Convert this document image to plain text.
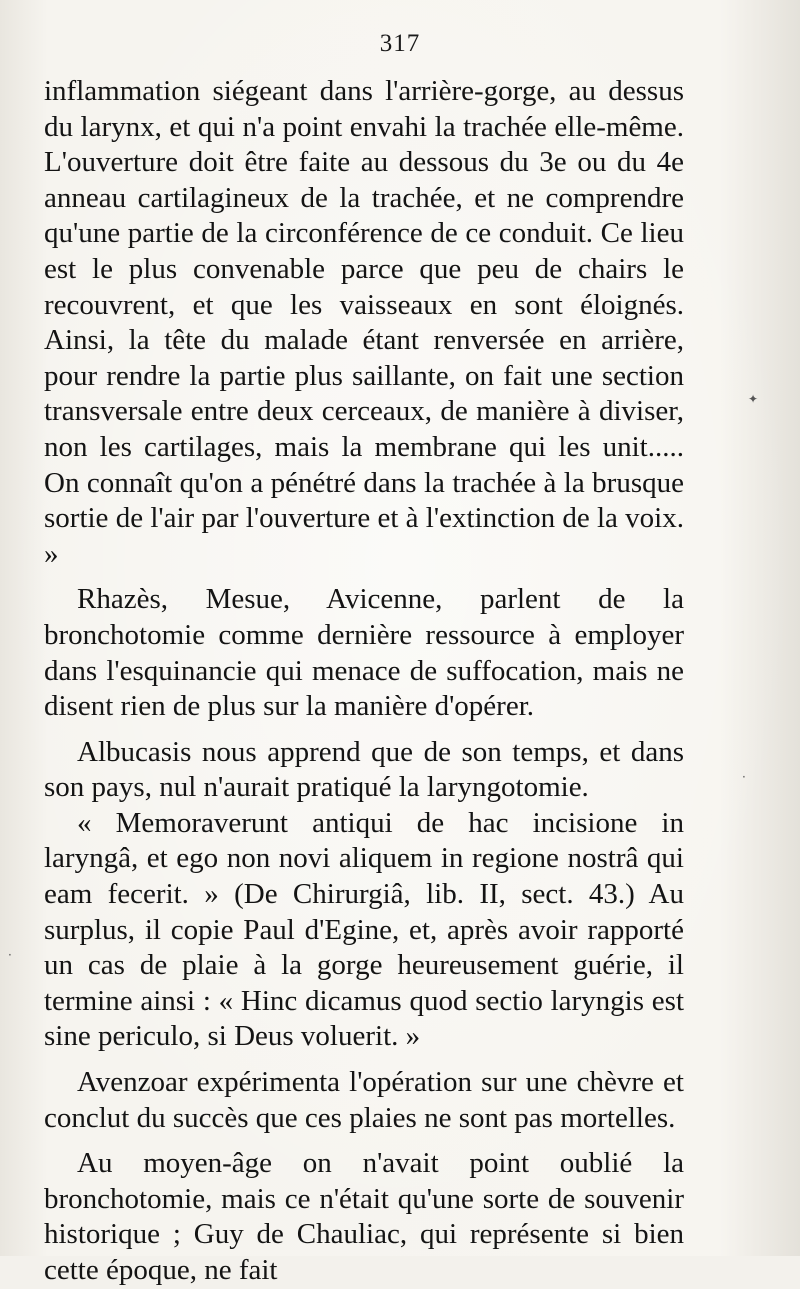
317

inflammation siégeant dans l'arrière-gorge, au dessus du larynx, et qui n'a point envahi la trachée elle-même. L'ouverture doit être faite au dessous du 3e ou du 4e anneau cartilagineux de la trachée, et ne comprendre qu'une partie de la circonférence de ce conduit. Ce lieu est le plus convenable parce que peu de chairs le recouvrent, et que les vaisseaux en sont éloignés. Ainsi, la tête du malade étant renversée en arrière, pour rendre la partie plus saillante, on fait une section transversale entre deux cerceaux, de manière à diviser, non les cartilages, mais la membrane qui les unit..... On connaît qu'on a pénétré dans la trachée à la brusque sortie de l'air par l'ouverture et à l'extinction de la voix. »

Rhazès, Mesue, Avicenne, parlent de la bronchotomie comme dernière ressource à employer dans l'esquinancie qui menace de suffocation, mais ne disent rien de plus sur la manière d'opérer.

Albucasis nous apprend que de son temps, et dans son pays, nul n'aurait pratiqué la laryngotomie.

« Memoraverunt antiqui de hac incisione in laryngâ, et ego non novi aliquem in regione nostrâ qui eam fecerit. » (De Chirurgiâ, lib. II, sect. 43.) Au surplus, il copie Paul d'Egine, et, après avoir rapporté un cas de plaie à la gorge heureusement guérie, il termine ainsi : « Hinc dicamus quod sectio laryngis est sine periculo, si Deus voluerit. »

Avenzoar expérimenta l'opération sur une chèvre et conclut du succès que ces plaies ne sont pas mortelles.

Au moyen-âge on n'avait point oublié la bronchotomie, mais ce n'était qu'une sorte de souvenir historique ; Guy de Chauliac, qui représente si bien cette époque, ne fait

✦
·
·
